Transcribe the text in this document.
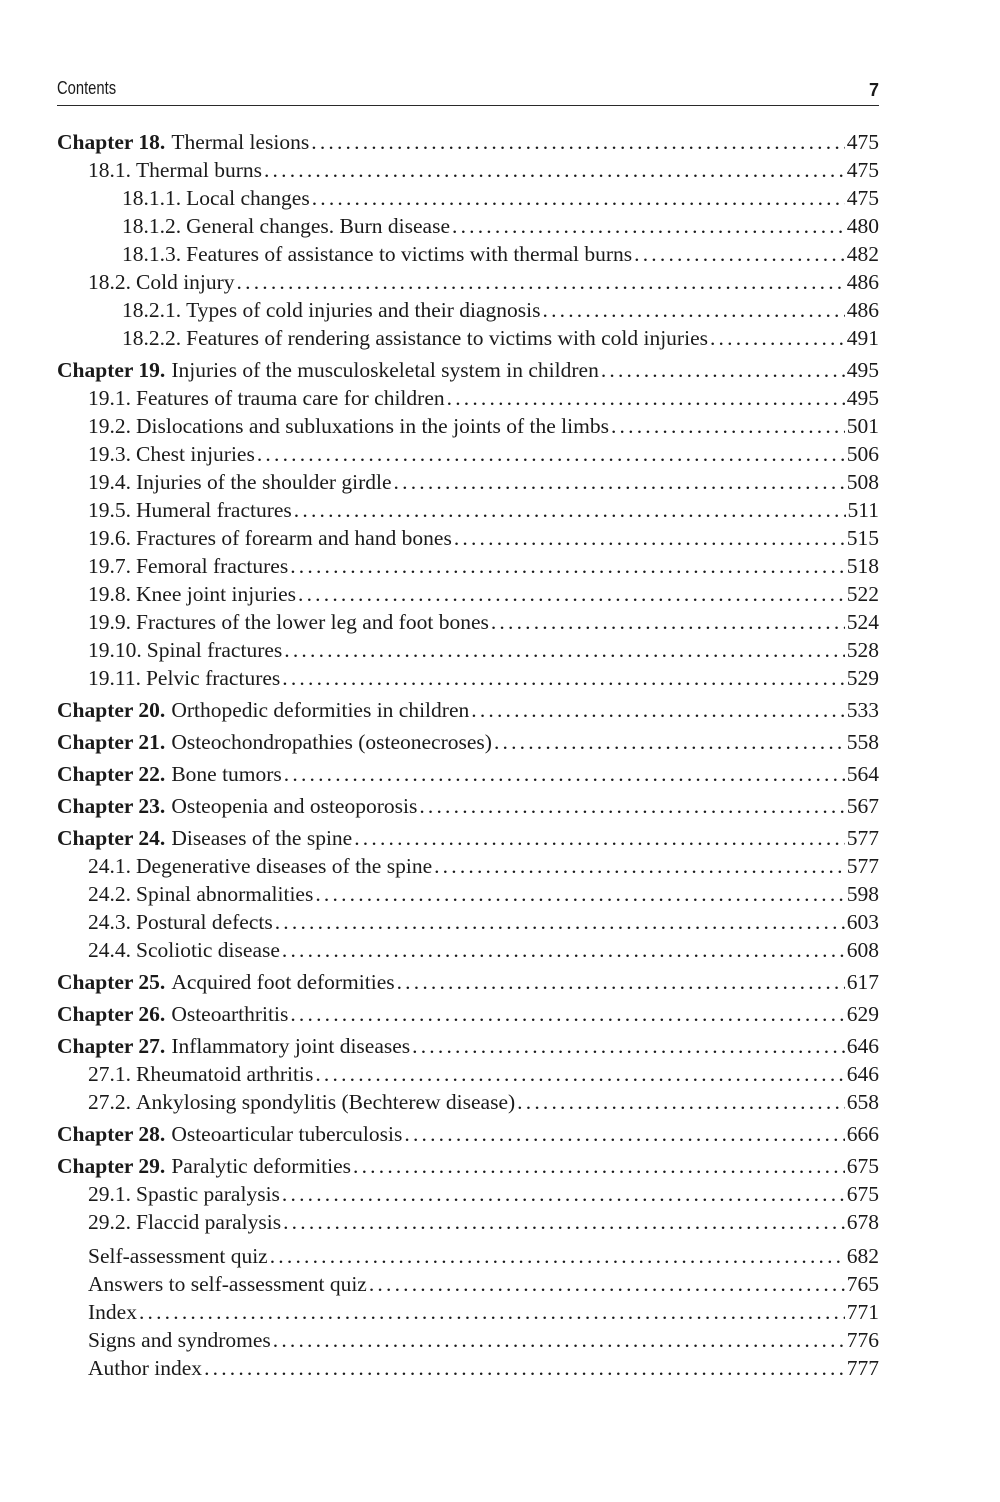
Contents	7
Chapter 18. Thermal lesions .....	475
18.1. Thermal burns .....	475
18.1.1. Local changes .....	475
18.1.2. General changes. Burn disease .....	480
18.1.3. Features of assistance to victims with thermal burns .....	482
18.2. Cold injury .....	486
18.2.1. Types of cold injuries and their diagnosis .....	486
18.2.2. Features of rendering assistance to victims with cold injuries .....	491
Chapter 19. Injuries of the musculoskeletal system in children .....	495
19.1. Features of trauma care for children .....	495
19.2. Dislocations and subluxations in the joints of the limbs .....	501
19.3. Chest injuries .....	506
19.4. Injuries of the shoulder girdle .....	508
19.5. Humeral fractures .....	511
19.6. Fractures of forearm and hand bones .....	515
19.7. Femoral fractures .....	518
19.8. Knee joint injuries .....	522
19.9. Fractures of the lower leg and foot bones .....	524
19.10. Spinal fractures .....	528
19.11. Pelvic fractures .....	529
Chapter 20. Orthopedic deformities in children .....	533
Chapter 21. Osteochondropathies (osteonecroses) .....	558
Chapter 22. Bone tumors .....	564
Chapter 23. Osteopenia and osteoporosis .....	567
Chapter 24. Diseases of the spine .....	577
24.1. Degenerative diseases of the spine .....	577
24.2. Spinal abnormalities .....	598
24.3. Postural defects .....	603
24.4. Scoliotic disease .....	608
Chapter 25. Acquired foot deformities .....	617
Chapter 26. Osteoarthritis .....	629
Chapter 27. Inflammatory joint diseases .....	646
27.1. Rheumatoid arthritis .....	646
27.2. Ankylosing spondylitis (Bechterew disease) .....	658
Chapter 28. Osteoarticular tuberculosis .....	666
Chapter 29. Paralytic deformities .....	675
29.1. Spastic paralysis .....	675
29.2. Flaccid paralysis .....	678
Self-assessment quiz .....	682
Answers to self-assessment quiz .....	765
Index .....	771
Signs and syndromes .....	776
Author index .....	777
